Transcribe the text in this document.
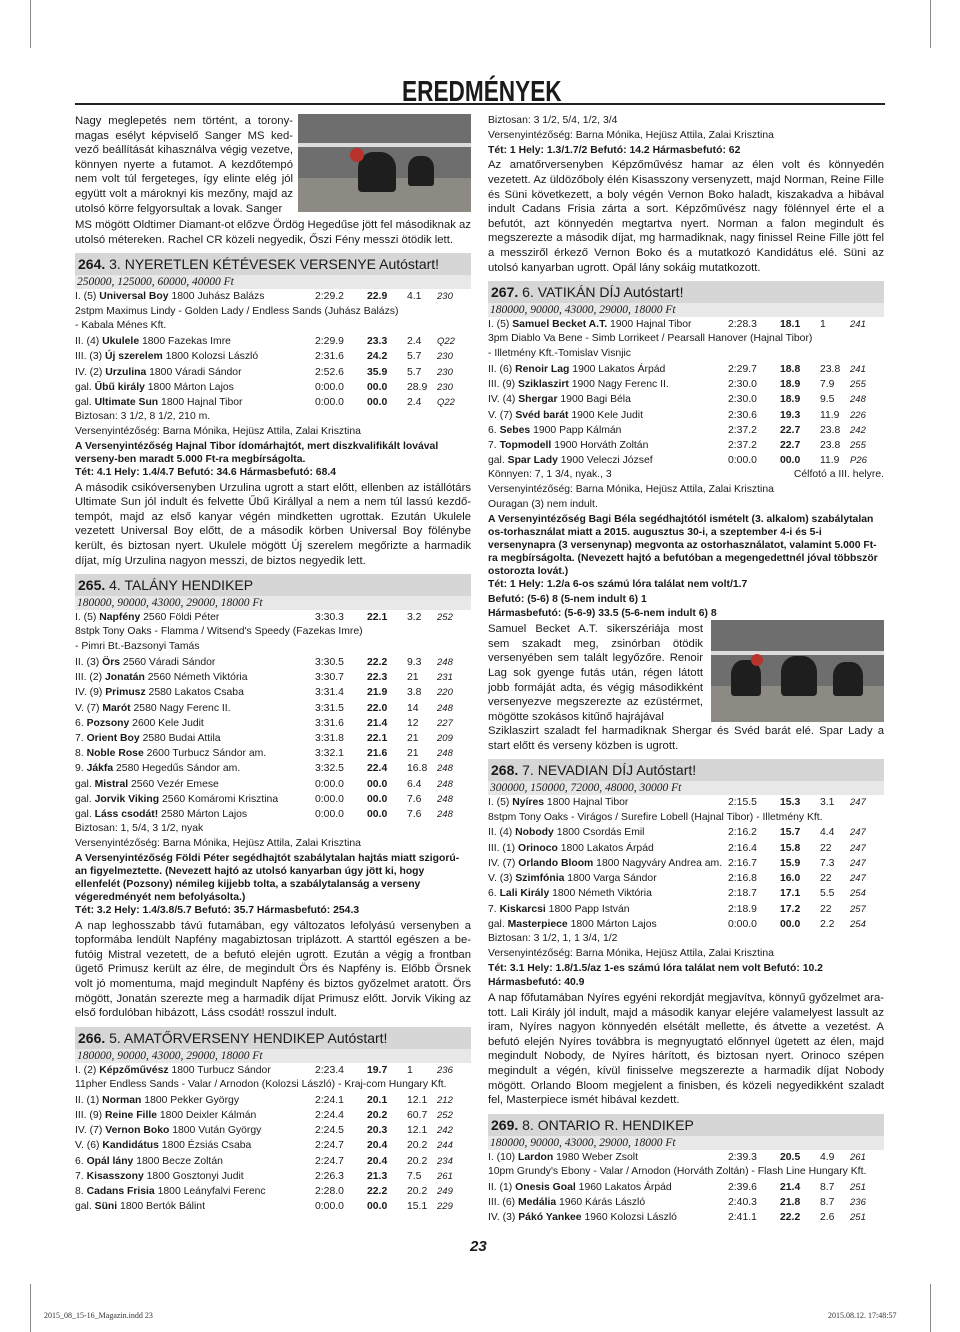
EREDMÉNYEK

Nagy meglepetés nem történt, a torony-magas esélyt képviselő Sanger MS ked-vező beállítását kihasználva végig vezetve, könnyen nyerte a futamot. A kezdőtempó nem volt túl fergeteges, így elinte elég jól együtt volt a mároknyi kis mezőny, majd az utolsó körre felgyorsultak a lovak. Sanger

MS mögött Oldtimer Diamant-ot előzve Ördög Hegedűse jött fel másodiknak az utolsó métereken. Rachel CR közeli negyedik, Őszi Fény messzi ötödik lett.

264. 3. NYERETLEN KÉTÉVESEK VERSENYE Autóstart!
250000, 125000, 60000, 40000 Ft
I. (5) Universal Boy 1800 Juhász Balázs	2:29.2	22.9	4.1	230
2stpm Maximus Lindy - Golden Lady / Endless Sands (Juhász Balázs)
- Kabala Ménes Kft.
II. (4) Ukulele 1800 Fazekas Imre	2:29.9	23.3	2.4	Q22
III. (3) Új szerelem 1800 Kolozsi László	2:31.6	24.2	5.7	230
IV. (2) Urzulina 1800 Váradi Sándor	2:52.6	35.9	5.7	230
gal. Űbű király 1800 Márton Lajos	0:00.0	00.0	28.9	230
gal. Ultimate Sun 1800 Hajnal Tibor	0:00.0	00.0	2.4	Q22
Biztosan: 3 1/2, 8 1/2, 210 m.
Versenyintézőség: Barna Mónika, Hejüsz Attila, Zalai Krisztina
A Versenyintézőség Hajnal Tibor ídomárhajtót, mert diszkvalifikált lovával verseny-ben maradt 5.000 Ft-ra megbírságolta.
Tét: 4.1 Hely: 1.4/4.7 Befutó: 34.6 Hármasbefutó: 68.4

A második csikóversenyben Urzulina ugrott a start előtt, ellenben az istállótárs Ultimate Sun jól indult és felvette Űbű Királlyal a nem a nem túl lassú kezdő-tempót, majd az első kanyar végén mindketten ugrottak. Ezután Ukulele vezetett Universal Boy előtt, de a második körben Universal Boy fölénybe került, és biztosan nyert. Ukulele mögött Új szerelem megőrizte a harmadik díjat, míg Urzulina nagyon messzi, de biztos negyedik lett.

265. 4. TALÁNY HENDIKEP
180000, 90000, 43000, 29000, 18000 Ft
I. (5) Napfény 2560 Földi Péter	3:30.3	22.1	3.2	252
8stpk Tony Oaks - Flamma / Witsend's Speedy (Fazekas Imre)
- Pimri Bt.-Bazsonyi Tamás
II. (3) Örs 2560 Váradi Sándor	3:30.5	22.2	9.3	248
III. (2) Jonatán 2560 Németh Viktória	3:30.7	22.3	21	231
IV. (9) Primusz 2580 Lakatos Csaba	3:31.4	21.9	3.8	220
V. (7) Marót 2580 Nagy Ferenc II.	3:31.5	22.0	14	248
6. Pozsony 2600 Kele Judit	3:31.6	21.4	12	227
7. Orient Boy 2580 Budai Attila	3:31.8	22.1	21	209
8. Noble Rose 2600 Turbucz Sándor am.	3:32.1	21.6	21	248
9. Jákfa 2580 Hegedűs Sándor am.	3:32.5	22.4	16.8	248
gal. Mistral 2560 Vezér Emese	0:00.0	00.0	6.4	248
gal. Jorvik Viking 2560 Komáromi Krisztina	0:00.0	00.0	7.6	248
gal. Láss csodát! 2580 Márton Lajos	0:00.0	00.0	7.6	248
Biztosan: 1, 5/4, 3 1/2, nyak
Versenyintézőség: Barna Mónika, Hejüsz Attila, Zalai Krisztina
A Versenyintézőség Földi Péter segédhajtót szabálytalan hajtás miatt szigorú-an figyelmeztette. (Nevezett hajtó az utolsó kanyarban úgy jött ki, hogy ellenfelét (Pozsony) némileg kijjebb tolta, a szabálytalanság a verseny végeredményét nem befolyásolta.)
Tét: 3.2 Hely: 1.4/3.8/5.7 Befutó: 35.7 Hármasbefutó: 254.3

A nap leghosszabb távú futamában, egy változatos lefolyású versenyben a topformába lendült Napfény magabiztosan triplázott. A starttól egészen a be-futóig Mistral vezetett, de a befutó elején ugrott. Ezután a végig a frontban ügető Primusz került az élre, de megindult Örs és Napfény is. Előbb Örsnek volt jó momentuma, majd megindult Napfény és biztos győzelmet aratott. Örs mögött, Jonatán szerezte meg a harmadik díjat Primusz előtt. Jorvik Viking az első fordulóban hibázott, Láss csodát! rosszul indult.

266. 5. AMATŐRVERSENY HENDIKEP Autóstart!
180000, 90000, 43000, 29000, 18000 Ft
I. (2) Képzőművész 1800 Turbucz Sándor	2:23.4	19.7	1	236
11pher Endless Sands - Valar / Arnodon (Kolozsi László) - Kraj-com Hungary Kft.
II. (1) Norman 1800 Pekker György	2:24.1	20.1	12.1	212
III. (9) Reine Fille 1800 Deixler Kálmán	2:24.4	20.2	60.7	252
IV. (7) Vernon Boko 1800 Vután György	2:24.5	20.3	12.1	242
V. (6) Kandidátus 1800 Ézsiás Csaba	2:24.7	20.4	20.2	244
6. Opál lány 1800 Becze Zoltán	2:24.7	20.4	20.2	234
7. Kisasszony 1800 Gosztonyi Judit	2:26.3	21.3	7.5	261
8. Cadans Frisia 1800 Leányfalvi Ferenc	2:28.0	22.2	20.2	249
gal. Süni 1800 Bertók Bálint	0:00.0	00.0	15.1	229
Biztosan: 3 1/2, 5/4, 1/2, 3/4
Versenyintézőség: Barna Mónika, Hejüsz Attila, Zalai Krisztina
Tét: 1 Hely: 1.3/1.7/2 Befutó: 14.2 Hármasbefutó: 62

Az amatőrversenyben Képzőművész hamar az élen volt és könnyedén vezetett. Az üldözőboly élén Kisasszony versenyzett, majd Norman, Reine Fille és Süni következett, a boly végén Vernon Boko haladt, kiszakadva a hibával indult Cadans Frisia zárta a sort. Képzőművész nagy fölénnyel érte el a befutót, azt könnyedén megtartva nyert. Norman a falon megindult és megszerezte a második díjat, mg harmadiknak, nagy finissel Reine Fille jött fel a messziről érkező Vernon Boko és a mutatkozó Kandidátus elé. Süni az utolsó kanyarban ugrott. Opál lány sokáig mutatkozott.

267. 6. VATIKÁN DÍJ Autóstart!
180000, 90000, 43000, 29000, 18000 Ft
I. (5) Samuel Becket A.T. 1900 Hajnal Tibor	2:28.3	18.1	1	241
3pm Diablo Va Bene - Simb Lorrikeet / Pearsall Hanover (Hajnal Tibor)
- Illetmény Kft.-Tomislav Visnjic
II. (6) Renoir Lag 1900 Lakatos Árpád	2:29.7	18.8	23.8	241
III. (9) Sziklaszirt 1900 Nagy Ferenc II.	2:30.0	18.9	7.9	255
IV. (4) Shergar 1900 Bagi Béla	2:30.0	18.9	9.5	248
V. (7) Svéd barát 1900 Kele Judit	2:30.6	19.3	11.9	226
6. Sebes 1900 Papp Kálmán	2:37.2	22.7	23.8	242
7. Topmodell 1900 Horváth Zoltán	2:37.2	22.7	23.8	255
gal. Spar Lady 1900 Veleczi József	0:00.0	00.0	11.9	P26
Könnyen: 7, 1 3/4, nyak., 3	Célfotó a III. helyre.
Versenyintézőség: Barna Mónika, Hejüsz Attila, Zalai Krisztina
Ouragan (3) nem indult.
A Versenyintézőség Bagi Béla segédhajtótól ismételt (3. alkalom) szabálytalan os-torhasználat miatt a 2015. augusztus 30-i, a szeptember 4-i és 5-i versenynapra (3 versenynap) megvonta az ostorhasználatot, valamint 5.000 Ft-ra megbírságolta. (Nevezett hajtó a befutóban a megengedettnél jóval többször ostorozta lovát.)
Tét: 1 Hely: 1.2/a 6-os számú lóra találat nem volt/1.7
Befutó: (5-6) 8 (5-nem indult 6) 1
Hármasbefutó: (5-6-9) 33.5 (5-6-nem indult 6) 8

Samuel Becket A.T. sikerszériája most sem szakadt meg, zsinórban ötödik versenyében sem talált legyőzőre. Renoir Lag sok gyenge futás után, régen látott jobb formáját adta, és végig másodikként versenyezve megszerezte az ezüstérmet, mögötte szokásos kitűnő hajrájával

Sziklaszirt szaladt fel harmadiknak Shergar és Svéd barát elé. Spar Lady a start előtt és verseny közben is ugrott.

268. 7. NEVADIAN DÍJ Autóstart!
300000, 150000, 72000, 48000, 30000 Ft
I. (5) Nyíres 1800 Hajnal Tibor	2:15.5	15.3	3.1	247
8stpm Tony Oaks - Virágos / Surefire Lobell (Hajnal Tibor) - Illetmény Kft.
II. (4) Nobody 1800 Csordás Emil	2:16.2	15.7	4.4	247
III. (1) Orinoco 1800 Lakatos Árpád	2:16.4	15.8	22	247
IV. (7) Orlando Bloom 1800 Nagyváry Andrea am. 2:16.7	15.9	7.3	247
V. (3) Szimfónia 1800 Varga Sándor	2:16.8	16.0	22	247
6. Lali Király 1800 Németh Viktória	2:18.7	17.1	5.5	254
7. Kiskarcsi 1800 Papp István	2:18.9	17.2	22	257
gal. Masterpiece 1800 Márton Lajos	0:00.0	00.0	2.2	254
Biztosan: 3 1/2, 1, 1 3/4, 1/2
Versenyintézőség: Barna Mónika, Hejüsz Attila, Zalai Krisztina
Tét: 3.1 Hely: 1.8/1.5/az 1-es számú lóra találat nem volt Befutó: 10.2
Hármasbefutó: 40.9

A nap főfutamában Nyíres egyéni rekordját megjavítva, könnyű győzelmet ara-tott. Lali Király jól indult, majd a második kanyar elejére valamelyest lassult az iram, Nyíres nagyon könnyedén elsétált mellette, és átvette a vezetést. A befutó elején Nyíres továbbra is megnyugtató előnnyel ügetett az élen, majd megindult Nobody, de Nyíres hárított, és biztosan nyert. Orinoco szépen megindult a végén, kívül finisselve megszerezte a harmadik díjat Nobody mögött. Orlando Bloom megjelent a finisben, és közeli negyedikként szaladt fel, Masterpiece ismét hibával kezdett.

269. 8. ONTARIO R. HENDIKEP
180000, 90000, 43000, 29000, 18000 Ft
I. (10) Lardon 1980 Weber Zsolt	2:39.3	20.5	4.9	261
10pm Grundy's Ebony - Valar / Arnodon (Horváth Zoltán) - Flash Line Hungary Kft.
II. (1) Onesis Goal 1960 Lakatos Árpád	2:39.6	21.4	8.7	251
III. (6) Medália 1960 Kárás László	2:40.3	21.8	8.7	236
IV. (3) Pákó Yankee 1960 Kolozsi László	2:41.1	22.2	2.6	251
23
2015_08_15-16_Magazin.indd 23	2015.08.12. 17:48:57
